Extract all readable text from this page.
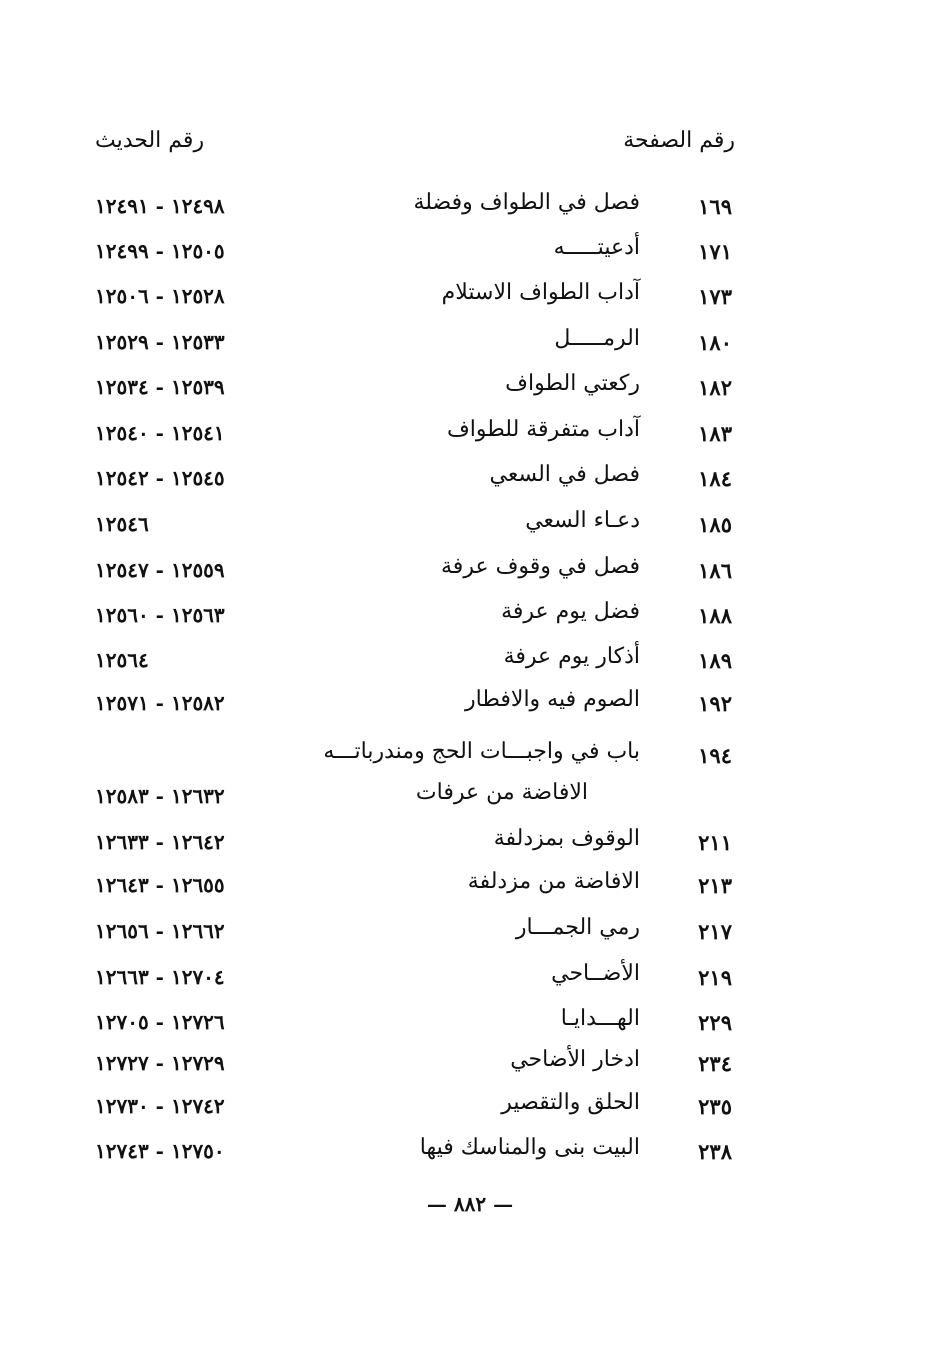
رقم الصفحة
رقم الحديث
١٦٩
فصل في الطواف وفضلة
١٢٤٩٨ - ١٢٤٩١
١٧١
أدعيتـــــه
١٢٥٠٥ - ١٢٤٩٩
١٧٣
آداب الطواف الاستلام
١٢٥٢٨ - ١٢٥٠٦
١٨٠
الرمـــــل
١٢٥٣٣ - ١٢٥٢٩
١٨٢
ركعتي الطواف
١٢٥٣٩ - ١٢٥٣٤
١٨٣
آداب متفرقة للطواف
١٢٥٤١ - ١٢٥٤٠
١٨٤
فصل في السعي
١٢٥٤٥ - ١٢٥٤٢
١٨٥
دعـاء السعي
١٢٥٤٦
١٨٦
فصل في وقوف عرفة
١٢٥٥٩ - ١٢٥٤٧
١٨٨
فضل يوم عرفة
١٢٥٦٣ - ١٢٥٦٠
١٨٩
أذكار يوم عرفة
١٢٥٦٤
١٩٢
الصوم فيه والافطار
١٢٥٨٢ - ١٢٥٧١
١٩٤
باب في واجبـــات الحج ومندرباتـــه
الافاضة من عرفات
١٢٦٣٢ - ١٢٥٨٣
٢١١
الوقوف بمزدلفة
١٢٦٤٢ - ١٢٦٣٣
٢١٣
الافاضة من مزدلفة
١٢٦٥٥ - ١٢٦٤٣
٢١٧
رمي الجمـــار
١٢٦٦٢ - ١٢٦٥٦
٢١٩
الأضــاحي
١٢٧٠٤ - ١٢٦٦٣
٢٢٩
الهـــدايـا
١٢٧٢٦ - ١٢٧٠٥
٢٣٤
ادخار الأضاحي
١٢٧٢٩ - ١٢٧٢٧
٢٣٥
الحلق والتقصير
١٢٧٤٢ - ١٢٧٣٠
٢٣٨
البيت بنى والمناسك فيها
١٢٧٥٠ - ١٢٧٤٣
— ٨٨٢ —
